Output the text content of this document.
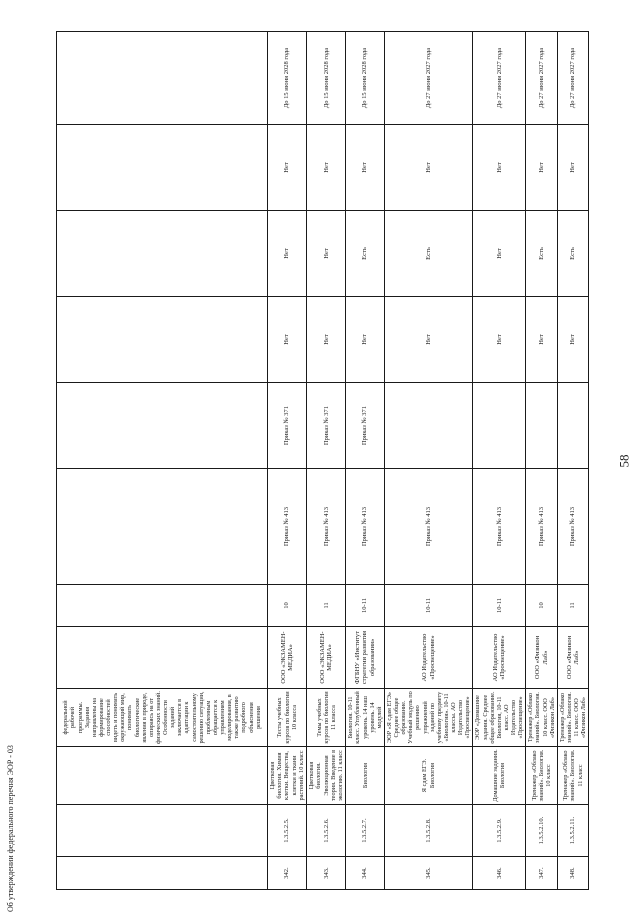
58
Об утверждении федерального перечня ЭОР - 03
			федеральной рабочей программы. Задания направлены на формирование способностей видеть и понимать окружающий мир, понимать биологические явления в природе, опираясь на от физических знаний. Особенности заданий заключается в адаптации к самостоятельному решению ситуации, проблемным обращается к управлениям моделирования, в также развитию подробного объяснения решения								
342.	1.3.5.2.5.	Цветковая биология. Химия клетки. Вещества, клетки и ткани растений. 10 класс	Тесты учебных курсов по биологии 10 класса	ООО «ЭКЗАМЕН-МЕДИА»	10	Приказ № 413	Приказ № 371	Нет	Нет	Нет	До 15 июня 2028 года
343.	1.3.5.2.6.	Цветковая биология. Эволюционная теория. Введение в экологию. 11 класс	Темы учебных курсов по биологии 11 класса	ООО «ЭКЗАМЕН-МЕДИА»	11	Приказ № 413	Приказ № 371	Нет	Нет	Нет	До 15 июня 2028 года
344.	1.3.5.2.7.	Биология	Биология. 10-11 класс. Углубленный уровень. 14 наш уровень. 14 модулей	ФГБНУ «Институт стратегии развития образования»	10-11	Приказ № 413	Приказ № 371	Нет	Есть	Нет	До 15 июня 2028 года
345.	1.3.5.2.8.	Я сдам ЕГЭ. Биология	ЭОР «Я сдам ЕГЭ» Среднее общее образование. Учебный модуль по решению упражнений заданий по учебному предмету «Биология». 10-11 классы. АО Издательство «Просвещение»	АО Издательство «Просвещение»	10-11	Приказ № 413		Нет	Есть	Нет	До 27 июня 2027 года
346.	1.3.5.2.9.	Домашние задания. Биология	ЭОР «Домашние задания. Среднее общее образование. Биология, 10-11 класс. АО Издательство «Просвещение»	АО Издательство «Просвещение»	10-11	Приказ № 413		Нет	Нет	Нет	До 27 июня 2027 года
347.	1.3.5.2.10.	Тренажер «Облако знаний». Биология. 10 класс	Тренажер «Облако знаний». Биология. 10 класс. ООО «Физикон Лаб»	ООО «Физикон Лаб»	10	Приказ № 413		Нет	Есть	Нет	До 27 июня 2027 года
348.	1.3.5.2.11.	Тренажер «Облако знаний». Биология. 11 класс	Тренажер «Облако знаний». Биология. 11 класс. ООО «Физикон Лаб»	ООО «Физикон Лаб»	11	Приказ № 413		Нет	Есть	Нет	До 27 июня 2027 года
